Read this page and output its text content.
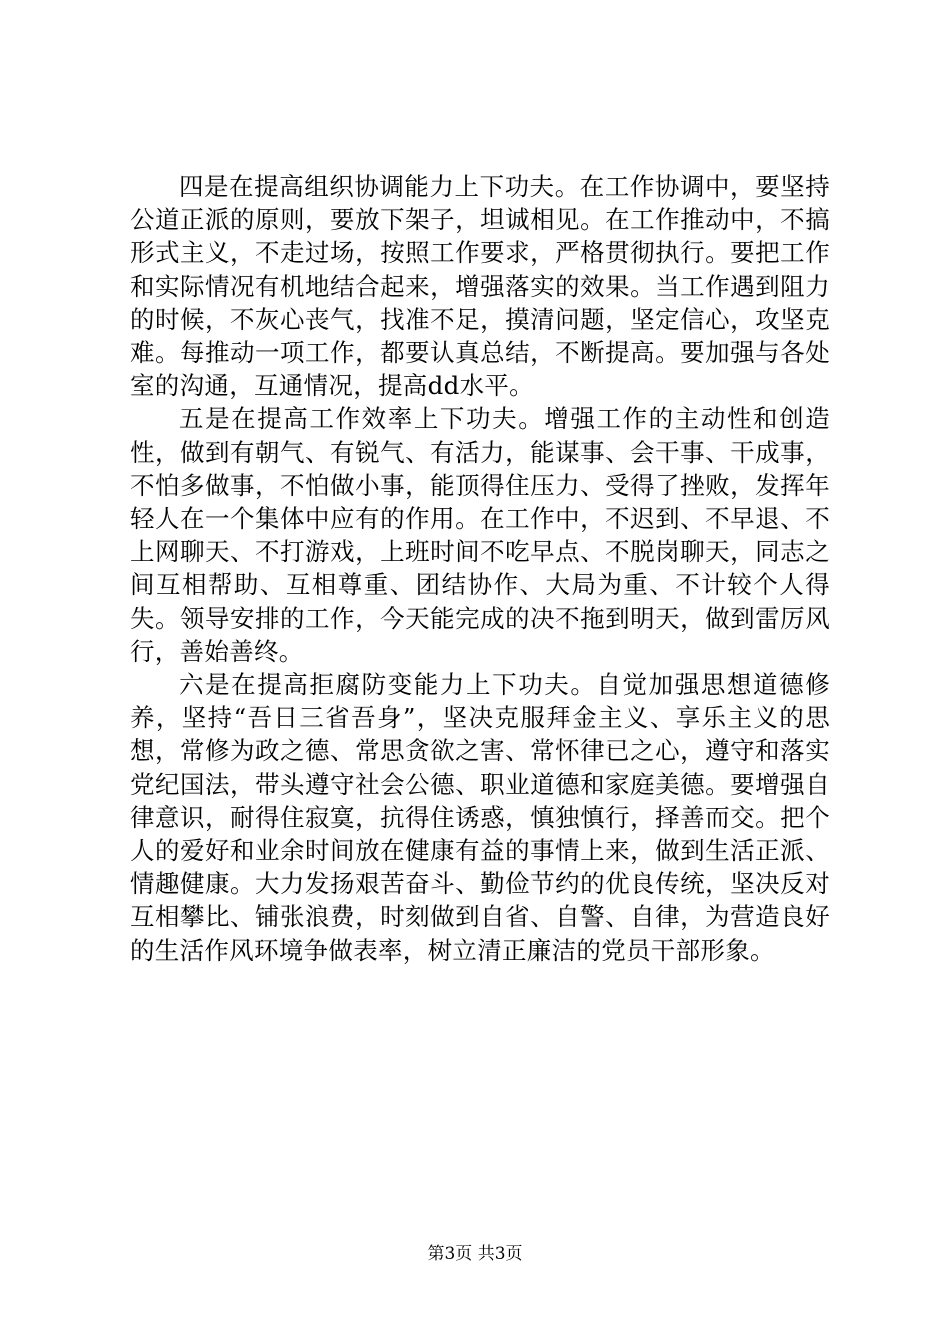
四是在提高组织协调能力上下功夫。在工作协调中，要坚持公道正派的原则，要放下架子，坦诚相见。在工作推动中，不搞形式主义，不走过场，按照工作要求，严格贯彻执行。要把工作和实际情况有机地结合起来，增强落实的效果。当工作遇到阻力的时候，不灰心丧气，找准不足，摸清问题，坚定信心，攻坚克难。每推动一项工作，都要认真总结，不断提高。要加强与各处室的沟通，互通情况，提高dd水平。

五是在提高工作效率上下功夫。增强工作的主动性和创造性，做到有朝气、有锐气、有活力，能谋事、会干事、干成事，不怕多做事，不怕做小事，能顶得住压力、受得了挫败，发挥年轻人在一个集体中应有的作用。在工作中，不迟到、不早退、不上网聊天、不打游戏，上班时间不吃早点、不脱岗聊天，同志之间互相帮助、互相尊重、团结协作、大局为重、不计较个人得失。领导安排的工作，今天能完成的决不拖到明天，做到雷厉风行，善始善终。

六是在提高拒腐防变能力上下功夫。自觉加强思想道德修养，坚持“吾日三省吾身”，坚决克服拜金主义、享乐主义的思想，常修为政之德、常思贪欲之害、常怀律已之心，遵守和落实党纪国法，带头遵守社会公德、职业道德和家庭美德。要增强自律意识，耐得住寂寞，抗得住诱惑，慎独慎行，择善而交。把个人的爱好和业余时间放在健康有益的事情上来，做到生活正派、情趣健康。大力发扬艰苦奋斗、勤俭节约的优良传统，坚决反对互相攀比、铺张浪费，时刻做到自省、自警、自律，为营造良好的生活作风环境争做表率，树立清正廉洁的党员干部形象。

第3页 共3页
